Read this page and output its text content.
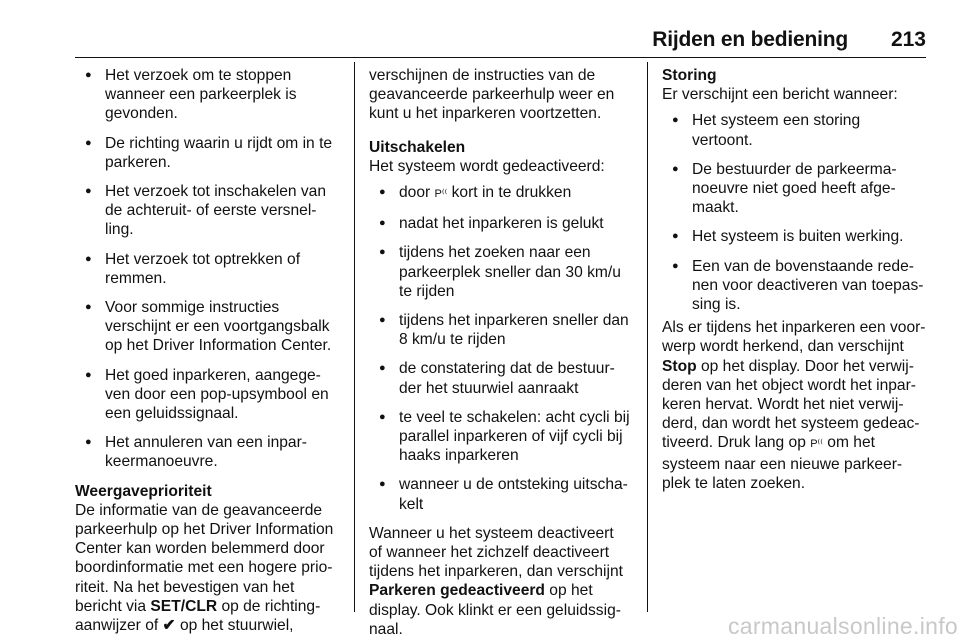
Rijden en bediening 213
● Het verzoek om te stoppen
wanneer een parkeerplek is
gevonden.
● De richting waarin u rijdt om in te
parkeren.
● Het verzoek tot inschakelen van
de achteruit- of eerste versnel-
ling.
● Het verzoek tot optrekken of
remmen.
● Voor sommige instructies
verschijnt er een voortgangsbalk
op het Driver Information Center.
● Het goed inparkeren, aangege-
ven door een pop-upsymbool en
een geluidssignaal.
● Het annuleren van een inpar-
keermanoeuvre.

Weergaveprioriteit

De informatie van de geavanceerde
parkeerhulp op het Driver Information
Center kan worden belemmerd door
boordinformatie met een hogere prio-
riteit. Na het bevestigen van het
bericht via SET/CLR op de richting-
aanwijzer of ✔ op het stuurwiel,

verschijnen de instructies van de
geavanceerde parkeerhulp weer en
kunt u het inparkeren voortzetten.

Uitschakelen

Het systeem wordt gedeactiveerd:

● door P⁽⁽ kort in te drukken
● nadat het inparkeren is gelukt
● tijdens het zoeken naar een
parkeerplek sneller dan 30 km/u
te rijden
● tijdens het inparkeren sneller dan
8 km/u te rijden
● de constatering dat de bestuur-
der het stuurwiel aanraakt
● te veel te schakelen: acht cycli bij
parallel inparkeren of vijf cycli bij
haaks inparkeren
● wanneer u de ontsteking uitscha-
kelt

Wanneer u het systeem deactiveert
of wanneer het zichzelf deactiveert
tijdens het inparkeren, dan verschijnt
Parkeren gedeactiveerd op het
display. Ook klinkt er een geluidssig-
naal.

Storing

Er verschijnt een bericht wanneer:

● Het systeem een storing
vertoont.
● De bestuurder de parkeerma-
noeuvre niet goed heeft afge-
maakt.
● Het systeem is buiten werking.
● Een van de bovenstaande rede-
nen voor deactiveren van toepas-
sing is.

Als er tijdens het inparkeren een voor-
werp wordt herkend, dan verschijnt
Stop op het display. Door het verwij-
deren van het object wordt het inpar-
keren hervat. Wordt het niet verwij-
derd, dan wordt het systeem gedeac-
tiveerd. Druk lang op P⁽⁽ om het
systeem naar een nieuwe parkeer-
plek te laten zoeken.

carmanualsonline.info
